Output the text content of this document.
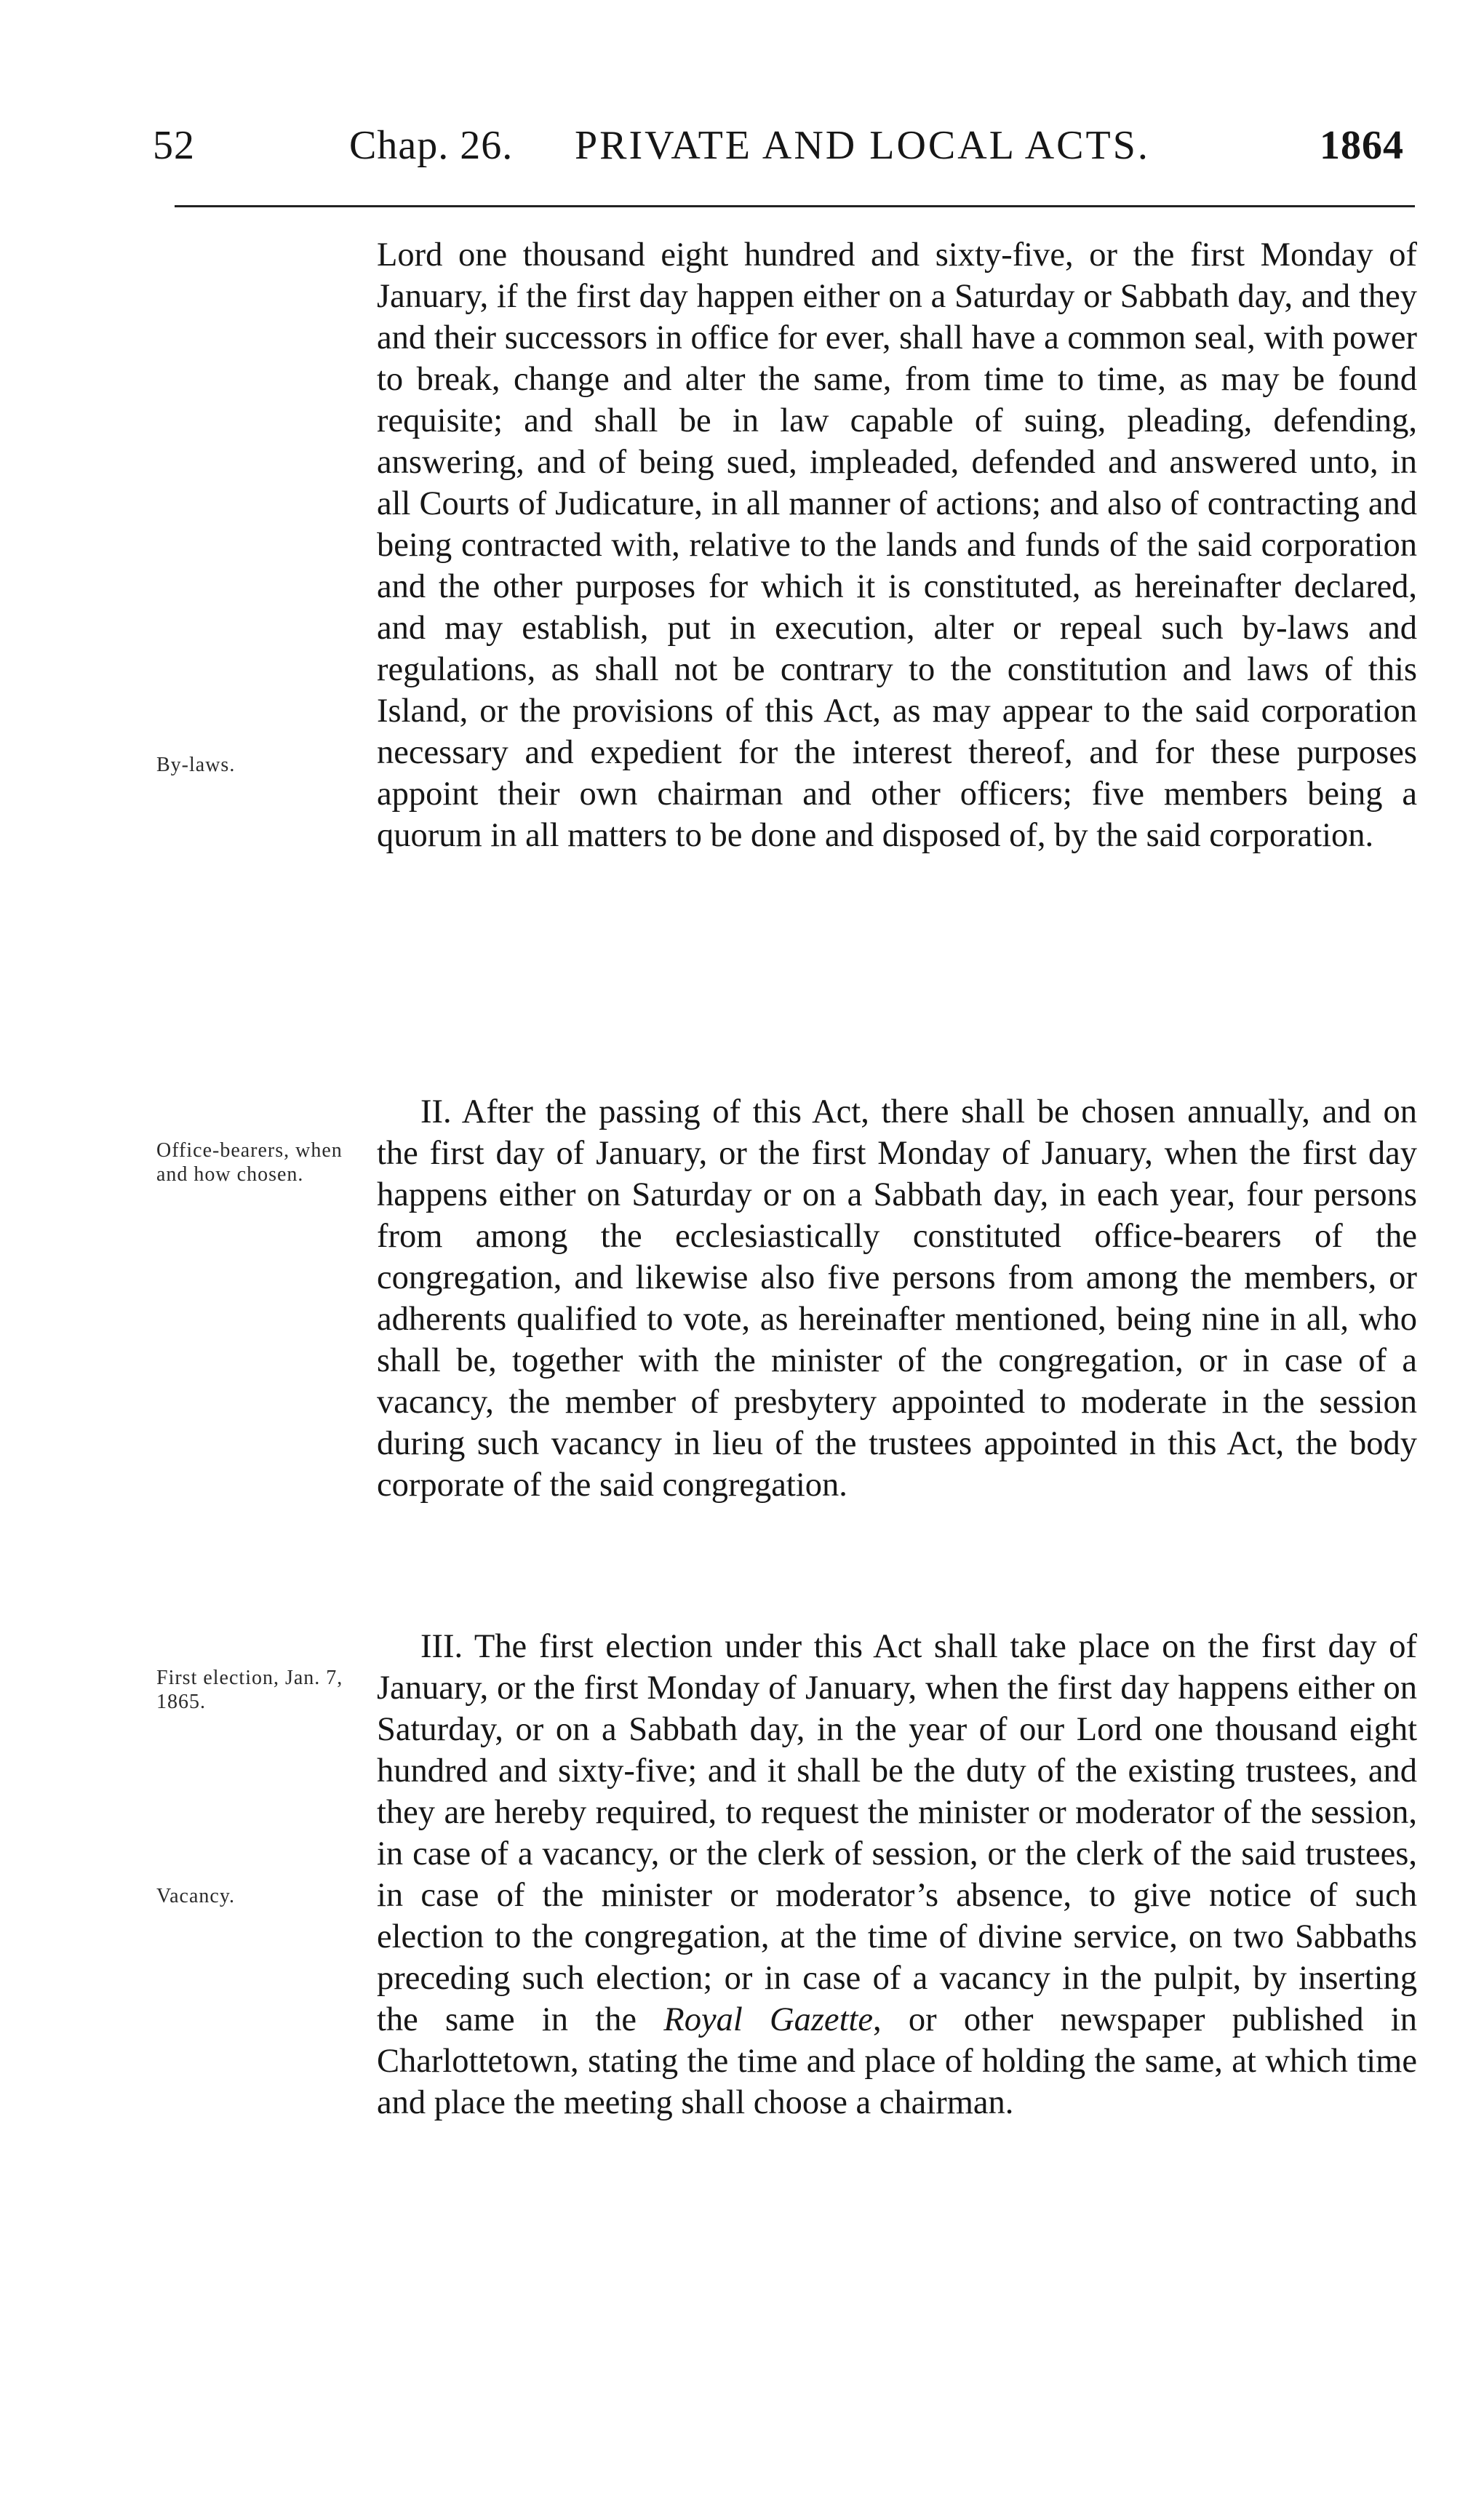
52	Chap. 26. PRIVATE AND LOCAL ACTS.	1864
By-laws.
Office-bearers, when and how chosen.
First election, Jan. 7, 1865.
Vacancy.

Lord one thousand eight hundred and sixty-five, or the first Monday of January, if the first day happen either on a Saturday or Sabbath day, and they and their successors in office for ever, shall have a common seal, with power to break, change and alter the same, from time to time, as may be found requisite; and shall be in law capable of suing, pleading, defending, answering, and of being sued, impleaded, defended and answered unto, in all Courts of Judicature, in all manner of actions; and also of contracting and being contracted with, relative to the lands and funds of the said corporation and the other purposes for which it is constituted, as hereinafter declared, and may establish, put in execution, alter or repeal such by-laws and regulations, as shall not be contrary to the constitution and laws of this Island, or the provisions of this Act, as may appear to the said corporation necessary and expedient for the interest thereof, and for these purposes appoint their own chairman and other officers; five members being a quorum in all matters to be done and disposed of, by the said corporation.

II. After the passing of this Act, there shall be chosen annually, and on the first day of January, or the first Monday of January, when the first day happens either on Saturday or on a Sabbath day, in each year, four persons from among the ecclesiastically constituted office-bearers of the congregation, and likewise also five persons from among the members, or adherents qualified to vote, as hereinafter mentioned, being nine in all, who shall be, together with the minister of the congregation, or in case of a vacancy, the member of presbytery appointed to moderate in the session during such vacancy in lieu of the trustees appointed in this Act, the body corporate of the said congregation.

III. The first election under this Act shall take place on the first day of January, or the first Monday of January, when the first day happens either on Saturday, or on a Sabbath day, in the year of our Lord one thousand eight hundred and sixty-five; and it shall be the duty of the existing trustees, and they are hereby required, to request the minister or moderator of the session, in case of a vacancy, or the clerk of session, or the clerk of the said trustees, in case of the minister or moderator’s absence, to give notice of such election to the congregation, at the time of divine service, on two Sabbaths preceding such election; or in case of a vacancy in the pulpit, by inserting the same in the Royal Gazette, or other newspaper published in Charlottetown, stating the time and place of holding the same, at which time and place the meeting shall choose a chairman.
